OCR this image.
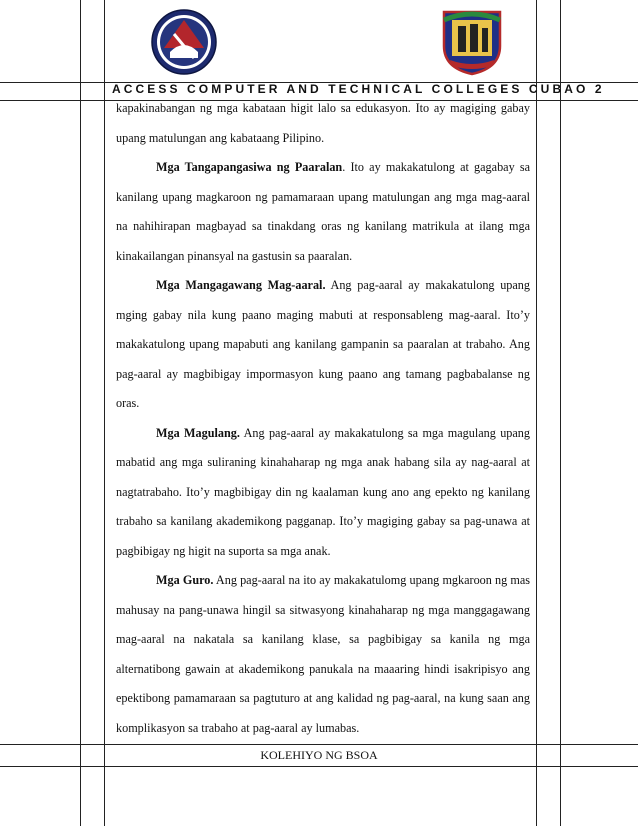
ACCESS COMPUTER AND TECHNICAL COLLEGES CUBAO 2

kapakinabangan ng mga kabataan higit lalo sa edukasyon. Ito ay magiging gabay upang matulungan ang kabataang Pilipino.

Mga Tangapangasiwa ng Paaralan. Ito ay makakatulong at gagabay sa kanilang upang magkaroon ng pamamaraan upang matulungan ang mga mag-aaral na nahihirapan magbayad sa tinakdang oras ng kanilang matrikula at ilang mga kinakailangan pinansyal na gastusin sa paaralan.

Mga Mangagawang Mag-aaral. Ang pag-aaral ay makakatulong upang mging gabay nila kung paano maging mabuti at responsableng mag-aaral. Ito’y makakatulong upang mapabuti ang kanilang gampanin sa paaralan at trabaho. Ang pag-aaral ay magbibigay impormasyon kung paano ang tamang pagbabalanse ng oras.

Mga Magulang. Ang pag-aaral ay makakatulong sa mga magulang upang mabatid ang mga suliraning kinahaharap ng mga anak habang sila ay nag-aaral at nagtatrabaho. Ito’y magbibigay din ng kaalaman kung ano ang epekto ng kanilang trabaho sa kanilang akademikong pagganap. Ito’y magiging gabay sa pag-unawa at pagbibigay ng higit na suporta sa mga anak.

Mga Guro. Ang pag-aaral na ito ay makakatulomg upang mgkaroon ng mas mahusay na pang-unawa hingil sa sitwasyong kinahaharap ng mga manggagawang mag-aaral na nakatala sa kanilang klase, sa pagbibigay sa kanila ng mga alternatibong gawain at akademikong panukala na maaaring hindi isakripisyo ang epektibong pamamaraan sa pagtuturo at ang kalidad ng pag-aaral, na kung saan ang komplikasyon sa trabaho at pag-aaral ay lumabas.

KOLEHIYO NG BSOA
